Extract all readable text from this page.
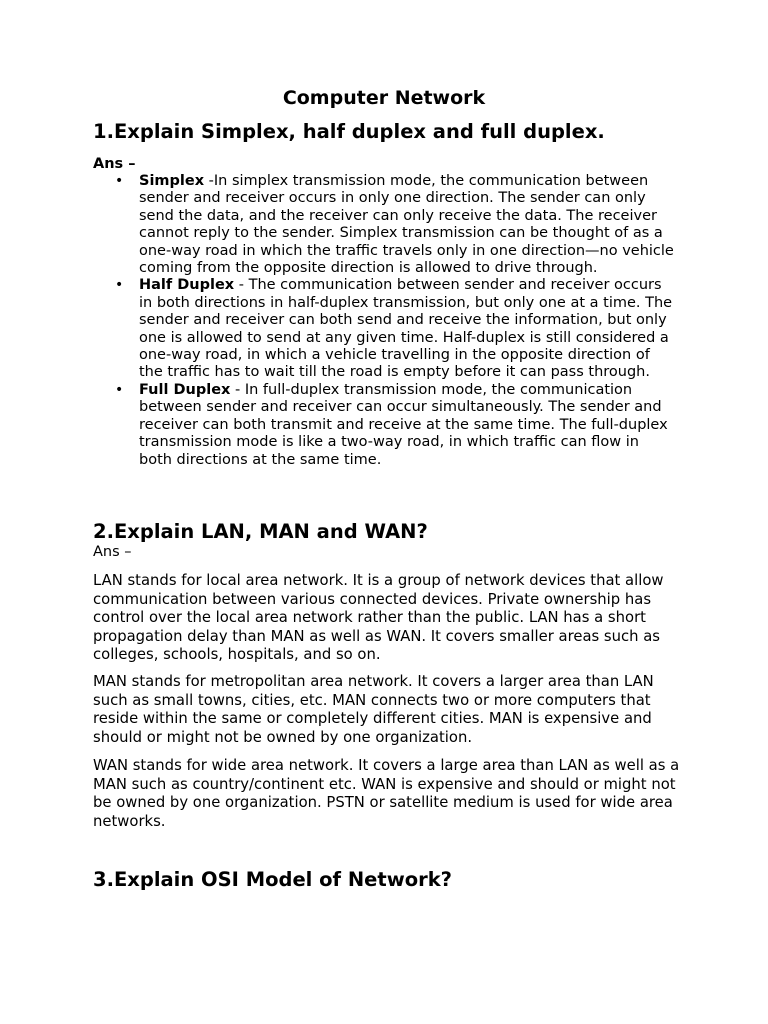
Computer Network
1.Explain Simplex, half duplex and full duplex.
Ans –
• Simplex -In simplex transmission mode, the communication between sender and receiver occurs in only one direction. The sender can only send the data, and the receiver can only receive the data. The receiver cannot reply to the sender. Simplex transmission can be thought of as a one-way road in which the traffic travels only in one direction—no vehicle coming from the opposite direction is allowed to drive through.
• Half Duplex - The communication between sender and receiver occurs in both directions in half-duplex transmission, but only one at a time. The sender and receiver can both send and receive the information, but only one is allowed to send at any given time. Half-duplex is still considered a one-way road, in which a vehicle travelling in the opposite direction of the traffic has to wait till the road is empty before it can pass through.
• Full Duplex - In full-duplex transmission mode, the communication between sender and receiver can occur simultaneously. The sender and receiver can both transmit and receive at the same time. The full-duplex transmission mode is like a two-way road, in which traffic can flow in both directions at the same time.
2.Explain LAN, MAN and WAN?
Ans –

LAN stands for local area network. It is a group of network devices that allow communication between various connected devices. Private ownership has control over the local area network rather than the public. LAN has a short propagation delay than MAN as well as WAN. It covers smaller areas such as colleges, schools, hospitals, and so on.

MAN stands for metropolitan area network. It covers a larger area than LAN such as small towns, cities, etc. MAN connects two or more computers that reside within the same or completely different cities. MAN is expensive and should or might not be owned by one organization.

WAN stands for wide area network. It covers a large area than LAN as well as a MAN such as country/continent etc. WAN is expensive and should or might not be owned by one organization. PSTN or satellite medium is used for wide area networks.

3.Explain OSI Model of Network?
